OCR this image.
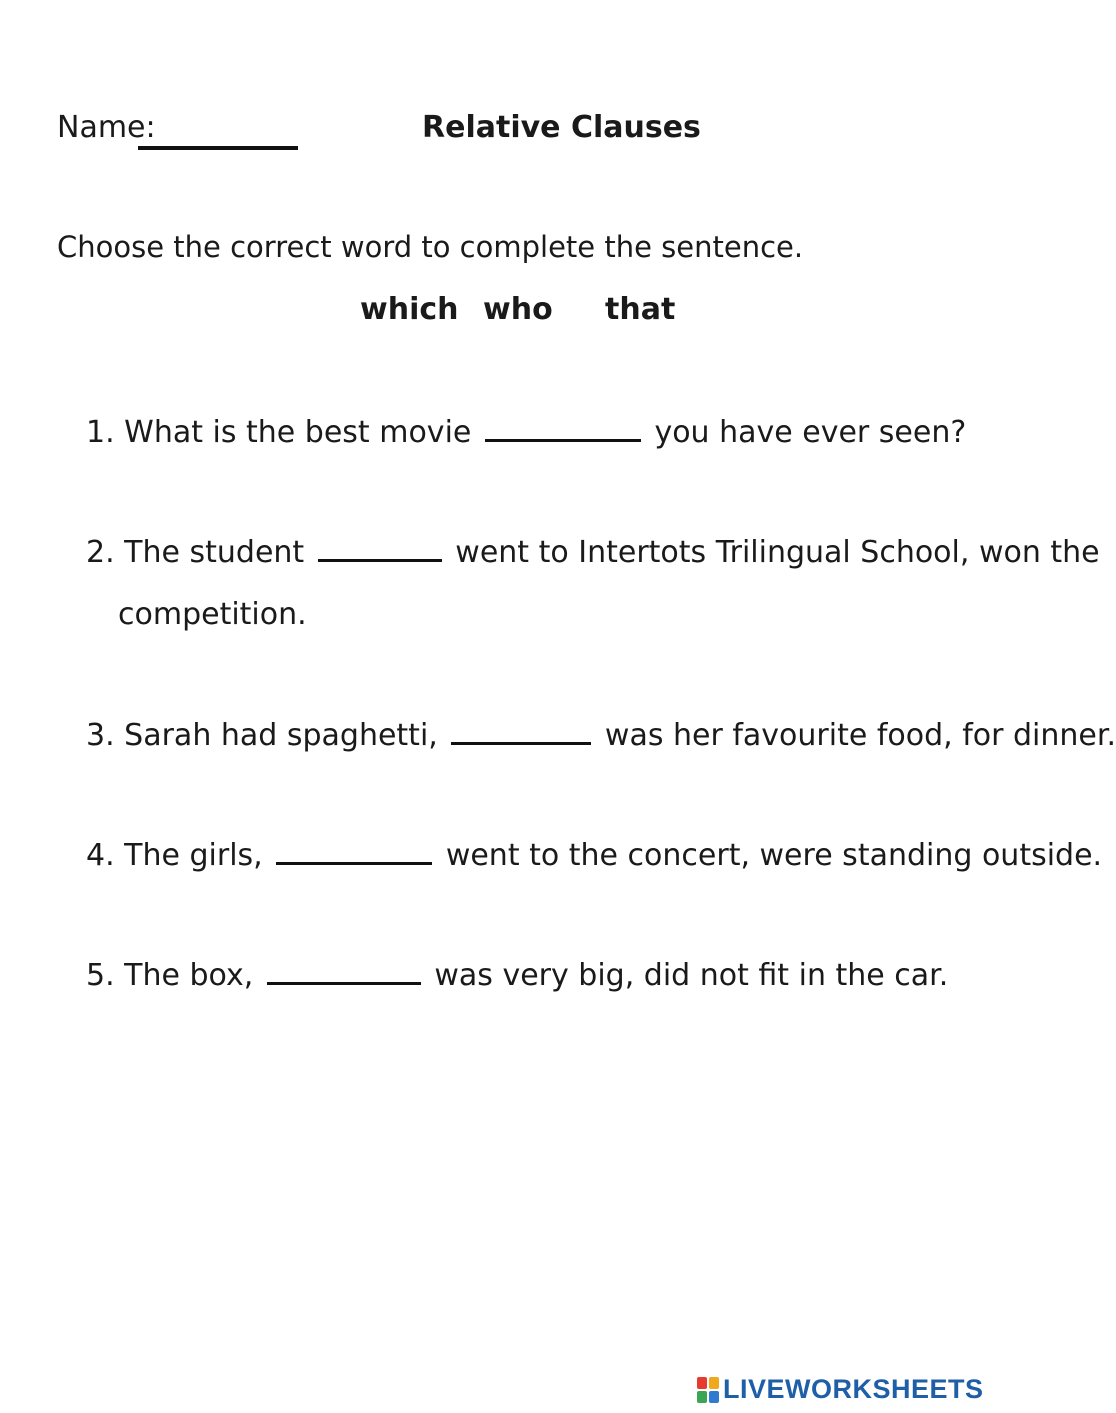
Name:	Relative Clauses
Choose the correct word to complete the sentence.
which who that
1. What is the best movie	you have ever seen?
2. The student	went to Intertots Trilingual School, won the
competition.
3. Sarah had spaghetti,	was her favourite food, for dinner.
4. The girls,	went to the concert, were standing outside.
5. The box,	was very big, did not fit in the car.
LIVEWORKSHEETS
